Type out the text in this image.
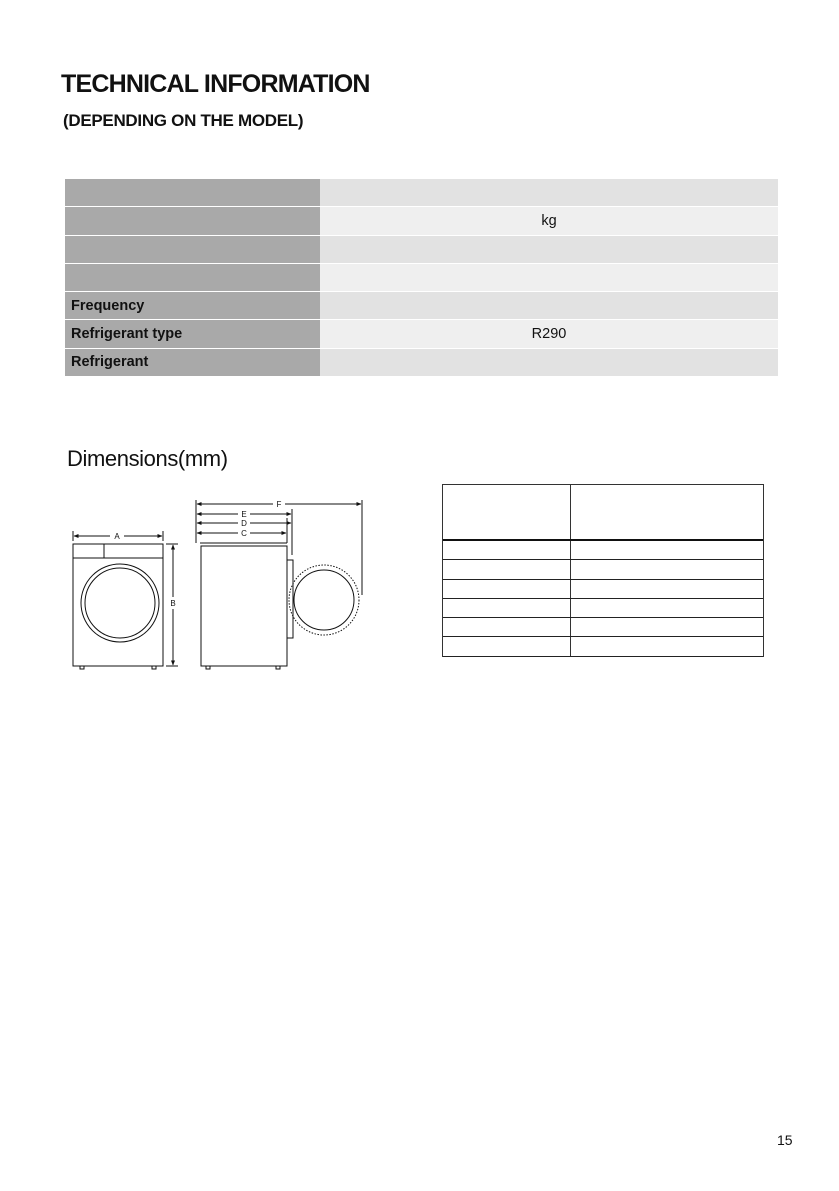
TECHNICAL INFORMATION
(DEPENDING ON THE MODEL)
kg
Frequency
Refrigerant type	R290
Refrigerant
Dimensions(mm)
A
B
C
D
E
F

15
